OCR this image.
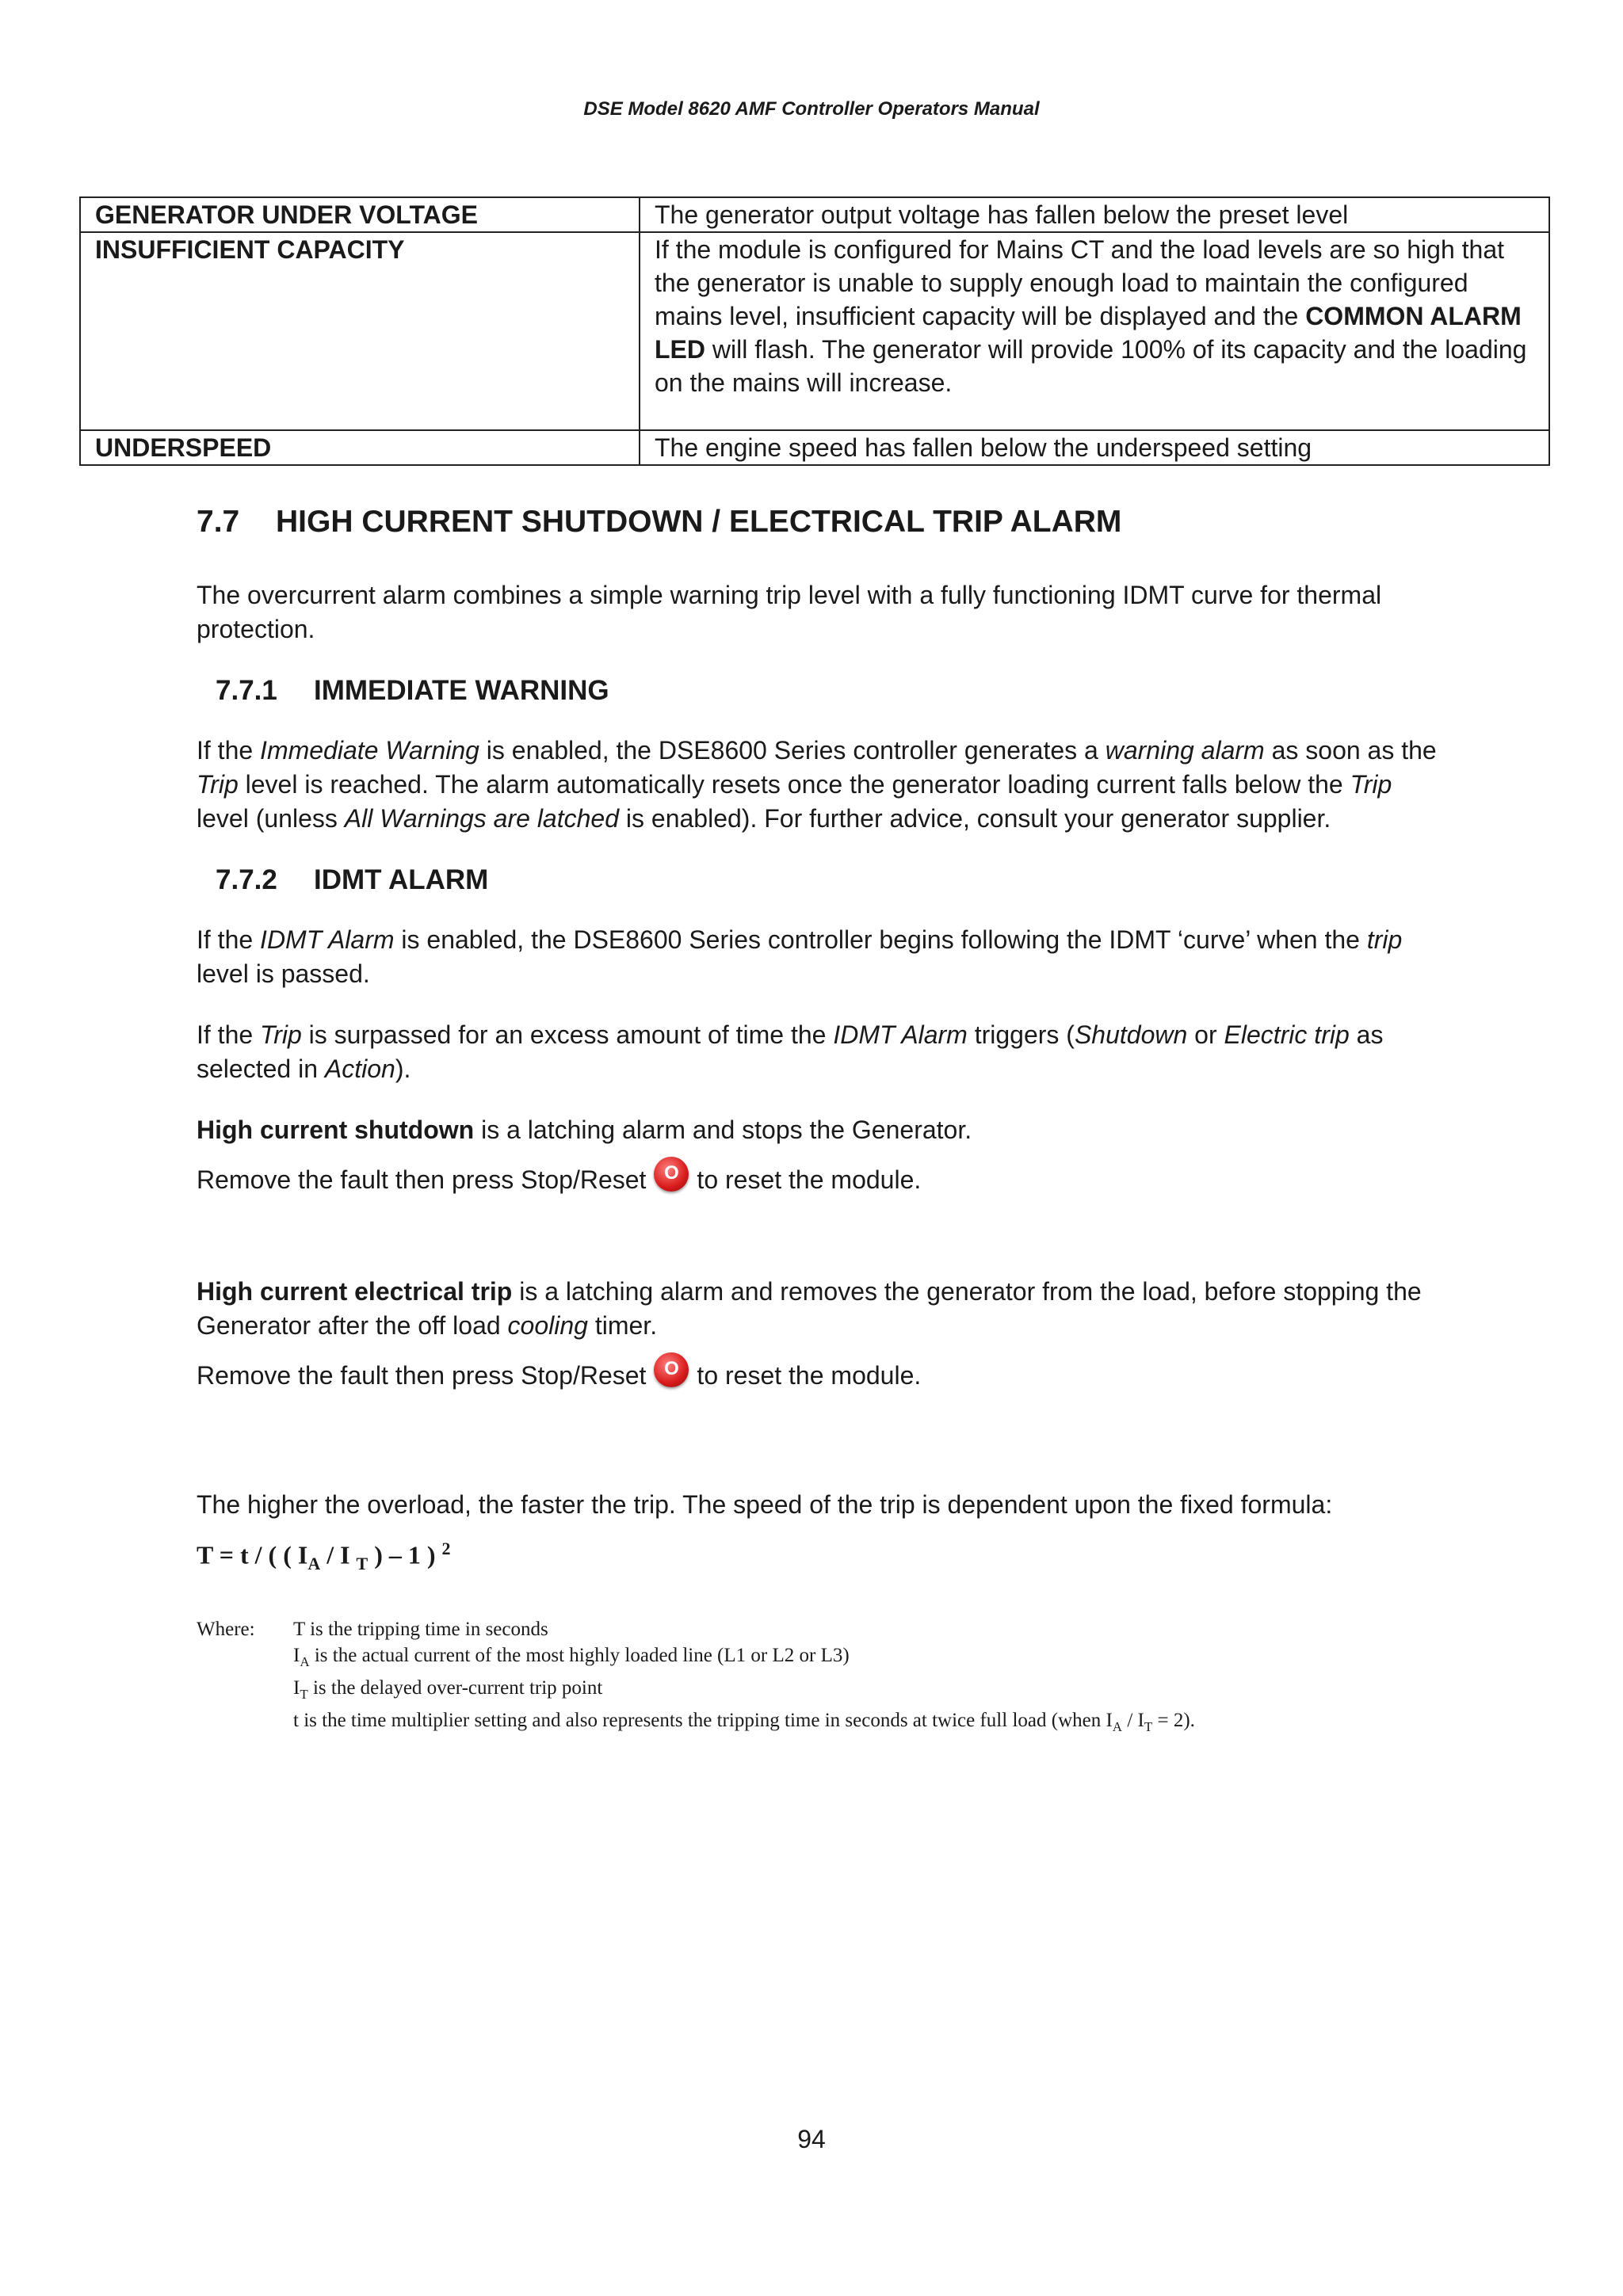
DSE Model 8620 AMF Controller Operators Manual
GENERATOR UNDER VOLTAGE	The generator output voltage has fallen below the preset level
INSUFFICIENT CAPACITY	If the module is configured for Mains CT and the load levels are so high that the generator is unable to supply enough load to maintain the configured mains level, insufficient capacity will be displayed and the COMMON ALARM LED will flash. The generator will provide 100% of its capacity and the loading on the mains will increase.
UNDERSPEED	The engine speed has fallen below the underspeed setting
7.7 HIGH CURRENT SHUTDOWN / ELECTRICAL TRIP ALARM

The overcurrent alarm combines a simple warning trip level with a fully functioning IDMT curve for thermal protection.

7.7.1 IMMEDIATE WARNING

If the Immediate Warning is enabled, the DSE8600 Series controller generates a warning alarm as soon as the Trip level is reached. The alarm automatically resets once the generator loading current falls below the Trip level (unless All Warnings are latched is enabled). For further advice, consult your generator supplier.

7.7.2 IDMT ALARM

If the IDMT Alarm is enabled, the DSE8600 Series controller begins following the IDMT ‘curve’ when the trip level is passed.

If the Trip is surpassed for an excess amount of time the IDMT Alarm triggers (Shutdown or Electric trip as selected in Action).

High current shutdown is a latching alarm and stops the Generator.

Remove the fault then press Stop/Reset O to reset the module.

High current electrical trip is a latching alarm and removes the generator from the load, before stopping the Generator after the off load cooling timer.

Remove the fault then press Stop/Reset O to reset the module.

The higher the overload, the faster the trip. The speed of the trip is dependent upon the fixed formula:

T = t / ( ( $I_A$ / I $_T$ ) – 1 ) $^2$
Where:	T is the tripping time in seconds
$I_A$ is the actual current of the most highly loaded line (L1 or L2 or L3)
$I_T$ is the delayed over-current trip point
t is the time multiplier setting and also represents the tripping time in seconds at twice full load (when $I_A / I_T = 2$).
94
